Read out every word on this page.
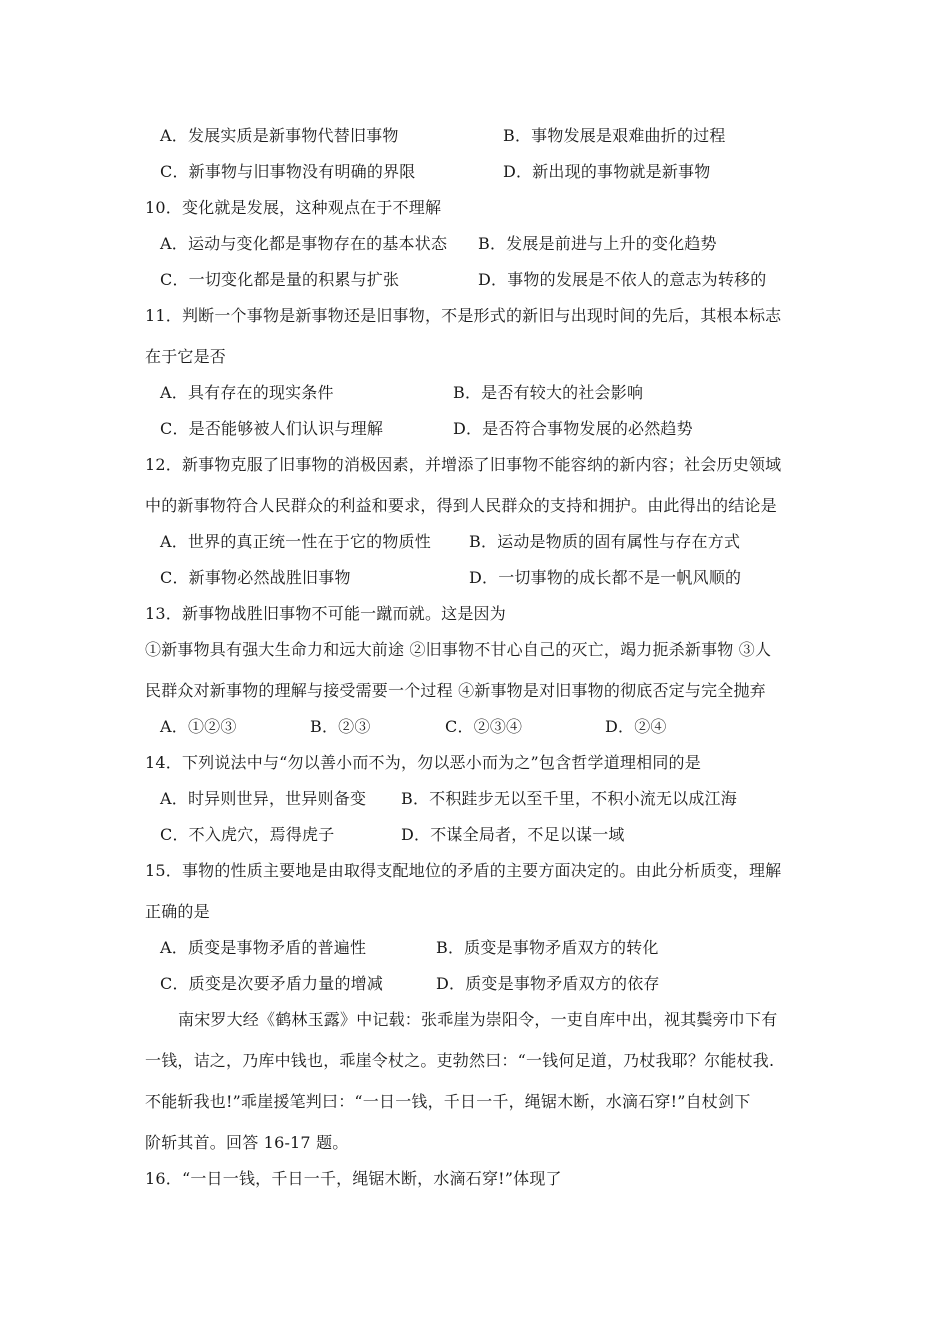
A．发展实质是新事物代替旧事物	B．事物发展是艰难曲折的过程
C．新事物与旧事物没有明确的界限	D．新出现的事物就是新事物
10．变化就是发展，这种观点在于不理解
A．运动与变化都是事物存在的基本状态 B．发展是前进与上升的变化趋势
C．一切变化都是量的积累与扩张	D．事物的发展是不依人的意志为转移的
11．判断一个事物是新事物还是旧事物，不是形式的新旧与出现时间的先后，其根本标志
在于它是否
A．具有存在的现实条件	B．是否有较大的社会影响
C．是否能够被人们认识与理解	D．是否符合事物发展的必然趋势
12．新事物克服了旧事物的消极因素，并增添了旧事物不能容纳的新内容；社会历史领域
中的新事物符合人民群众的利益和要求，得到人民群众的支持和拥护。由此得出的结论是
A．世界的真正统一性在于它的物质性 B．运动是物质的固有属性与存在方式
C．新事物必然战胜旧事物	D．一切事物的成长都不是一帆风顺的
13．新事物战胜旧事物不可能一蹴而就。这是因为
①新事物具有强大生命力和远大前途 ②旧事物不甘心自己的灭亡，竭力扼杀新事物 ③人
民群众对新事物的理解与接受需要一个过程 ④新事物是对旧事物的彻底否定与完全抛弃
A．①②③	B．②③	C．②③④	D．②④
14．下列说法中与“勿以善小而不为，勿以恶小而为之”包含哲学道理相同的是
A．时异则世异，世异则备变 B．不积跬步无以至千里，不积小流无以成江海
C．不入虎穴，焉得虎子	D．不谋全局者，不足以谋一域
15．事物的性质主要地是由取得支配地位的矛盾的主要方面决定的。由此分析质变，理解
正确的是
A．质变是事物矛盾的普遍性	B．质变是事物矛盾双方的转化
C．质变是次要矛盾力量的增减	D．质变是事物矛盾双方的依存
南宋罗大经《鹤林玉露》中记载：张乖崖为崇阳令，一吏自库中出，视其鬓旁巾下有
一钱，诘之，乃库中钱也，乖崖令杖之。吏勃然曰：“一钱何足道，乃杖我耶？尔能杖我.
不能斩我也!”乖崖援笔判曰：“一日一钱，千日一千，绳锯木断，水滴石穿!”自杖剑下
阶斩其首。回答 16-17 题。
16．“一日一钱，千日一千，绳锯木断，水滴石穿!”体现了
